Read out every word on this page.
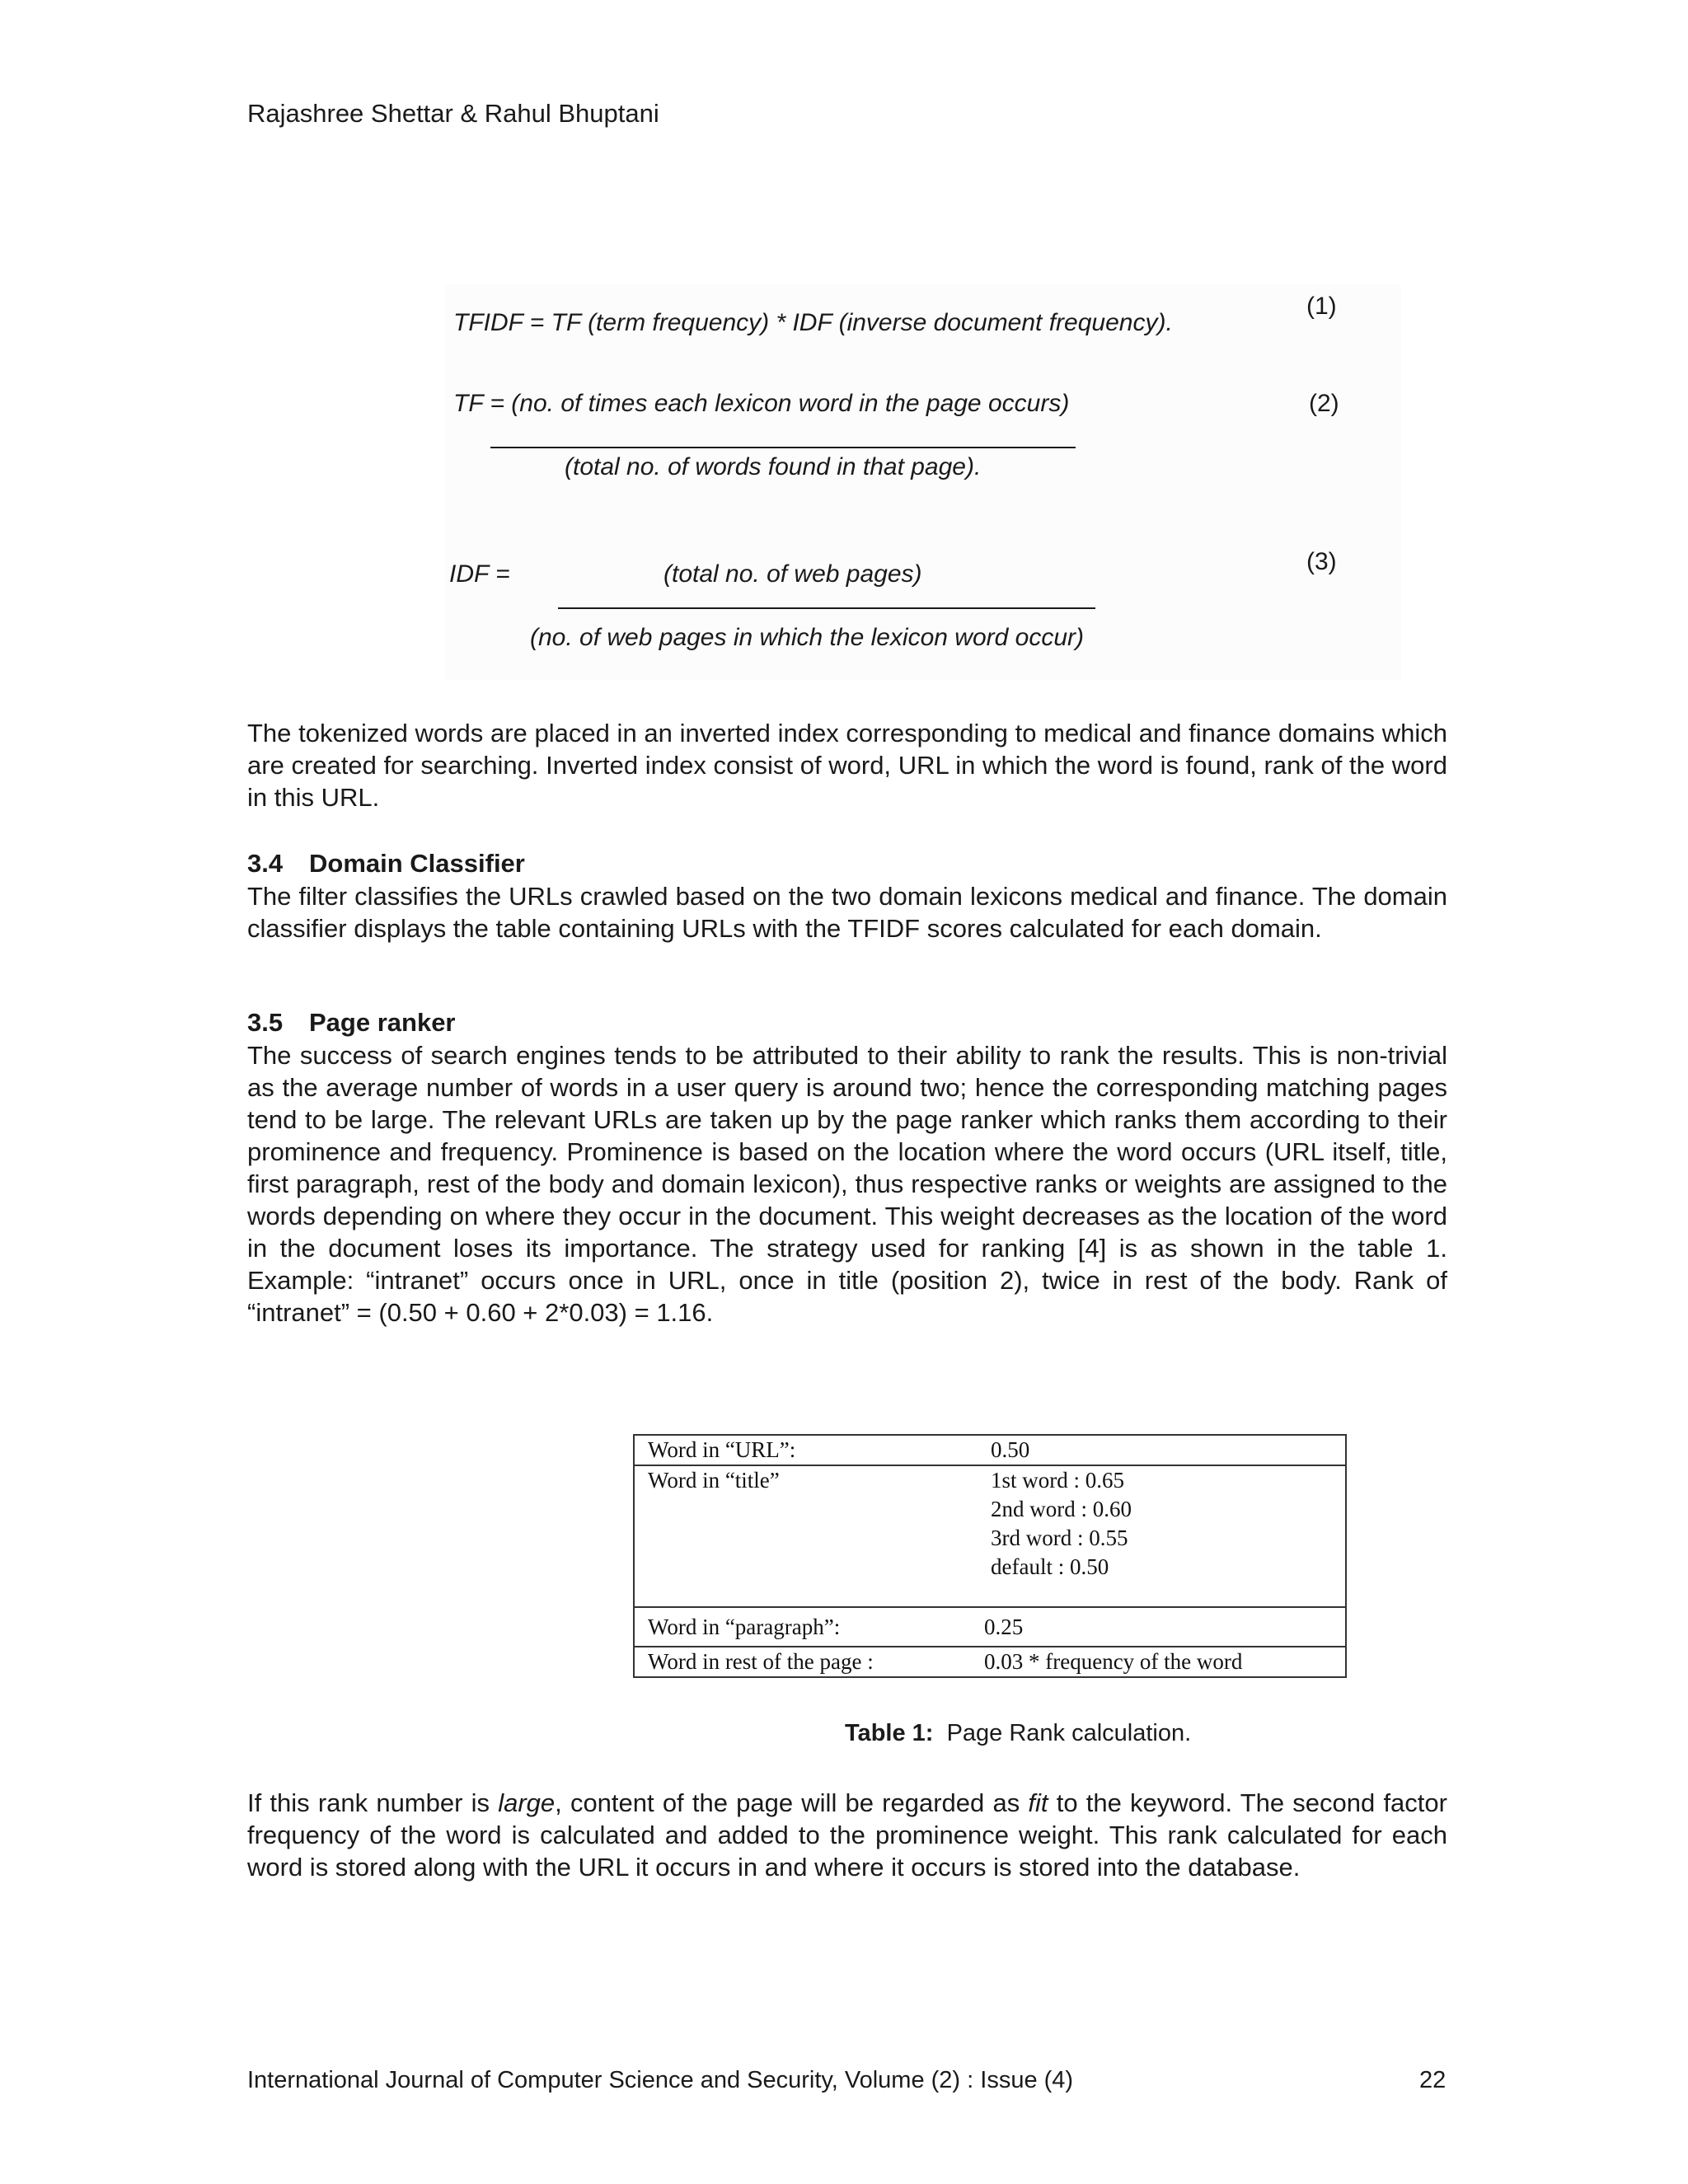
Rajashree Shettar & Rahul Bhuptani
TFIDF = TF (term frequency) * IDF (inverse document frequency).
(1)
TF = (no. of times each lexicon word in the page occurs)	(2)
(total no. of words found in that page).
IDF =	(total no. of web pages)	(3)
(no. of web pages in which the lexicon word occur)

The tokenized words are placed in an inverted index corresponding to medical and finance domains which are created for searching. Inverted index consist of word, URL in which the word is found, rank of the word in this URL.

3.4 Domain Classifier

The filter classifies the URLs crawled based on the two domain lexicons medical and finance. The domain classifier displays the table containing URLs with the TFIDF scores calculated for each domain.

3.5 Page ranker

The success of search engines tends to be attributed to their ability to rank the results. This is non-trivial as the average number of words in a user query is around two; hence the corresponding matching pages tend to be large. The relevant URLs are taken up by the page ranker which ranks them according to their prominence and frequency. Prominence is based on the location where the word occurs (URL itself, title, first paragraph, rest of the body and domain lexicon), thus respective ranks or weights are assigned to the words depending on where they occur in the document. This weight decreases as the location of the word in the document loses its importance. The strategy used for ranking [4] is as shown in the table 1. Example: “intranet” occurs once in URL, once in title (position 2), twice in rest of the body. Rank of “intranet” = (0.50 + 0.60 + 2*0.03) = 1.16.

Word in “URL”:	0.50
Word in “title”	1st word : 0.65
2nd word : 0.60
3rd word : 0.55
default : 0.50

Word in “paragraph”:	0.25
Word in rest of the page :	0.03 * frequency of the word
Table 1: Page Rank calculation.

If this rank number is large, content of the page will be regarded as fit to the keyword. The second factor frequency of the word is calculated and added to the prominence weight. This rank calculated for each word is stored along with the URL it occurs in and where it occurs is stored into the database.

International Journal of Computer Science and Security, Volume (2) : Issue (4)	22
